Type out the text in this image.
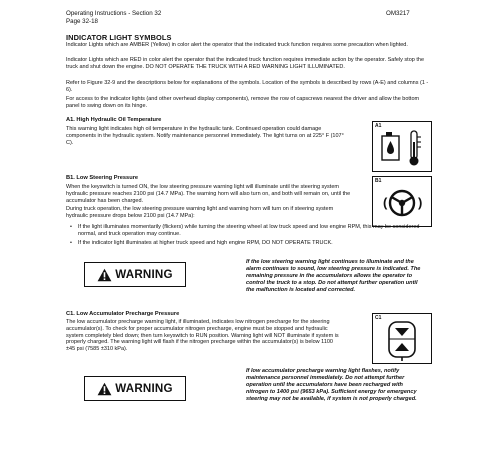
Operating Instructions - Section 32
Page 32-18
OM3217
INDICATOR LIGHT SYMBOLS
Indicator Lights which are AMBER (Yellow) in color alert the operator that the indicated truck function requires some precaution when lighted.
Indicator Lights which are RED in color alert the operator that the indicated truck function requires immediate action by the operator. Safely stop the truck and shut down the engine. DO NOT OPERATE THE TRUCK WITH A RED WARNING LIGHT ILLUMINATED.
Refer to Figure 32-9 and the descriptions below for explanations of the symbols. Location of the symbols is described by rows (A-E) and columns (1 - 6).
For access to the indicator lights (and other overhead display components), remove the row of capscrews nearest the driver and allow the bottom panel to swing down on its hinge.
A1. High Hydraulic Oil Temperature
This warning light indicates high oil temperature in the hydraulic tank. Continued operation could damage components in the hydraulic system. Notify maintenance personnel immediately. The light turns on at 225° F (107° C).
A1
B1. Low Steering Pressure
When the keyswitch is turned ON, the low steering pressure warning light will illuminate until the steering system hydraulic pressure reaches 2100 psi (14.7 MPa). The warning horn will also turn on, and both will remain on, until the accumulator has been charged.
During truck operation, the low steering pressure warning light and warning horn will turn on if steering system hydraulic pressure drops below 2100 psi (14.7 MPa):
B1
( )
•	If the light illuminates momentarily (flickers) while turning the steering wheel at low truck speed and low engine RPM, this may be considered normal, and truck operation may continue.
•	If the indicator light illuminates at higher truck speed and high engine RPM, DO NOT OPERATE TRUCK.
WARNING
If the low steering warning light continues to illuminate and the alarm continues to sound, low steering pressure is indicated. The remaining pressure in the accumulators allows the operator to control the truck to a stop. Do not attempt further operation until the malfunction is located and corrected.
C1. Low Accumulator Precharge Pressure
The low accumulator precharge warning light, if illuminated, indicates low nitrogen precharge for the steering accumulator(s). To check for proper accumulator nitrogen precharge, engine must be stopped and hydraulic system completely bled down; then turn keyswitch to RUN position. Warning light will NOT illuminate if system is properly charged. The warning light will flash if the nitrogen precharge within the accumulator(s) is below 1100 ±45 psi (7585 ±310 kPa).
C1
WARNING
If low accumulator precharge warning light flashes, notify maintenance personnel immediately. Do not attempt further operation until the accumulators have been recharged with nitrogen to 1400 psi (9653 kPa). Sufficient energy for emergency steering may not be available, if system is not properly charged.
